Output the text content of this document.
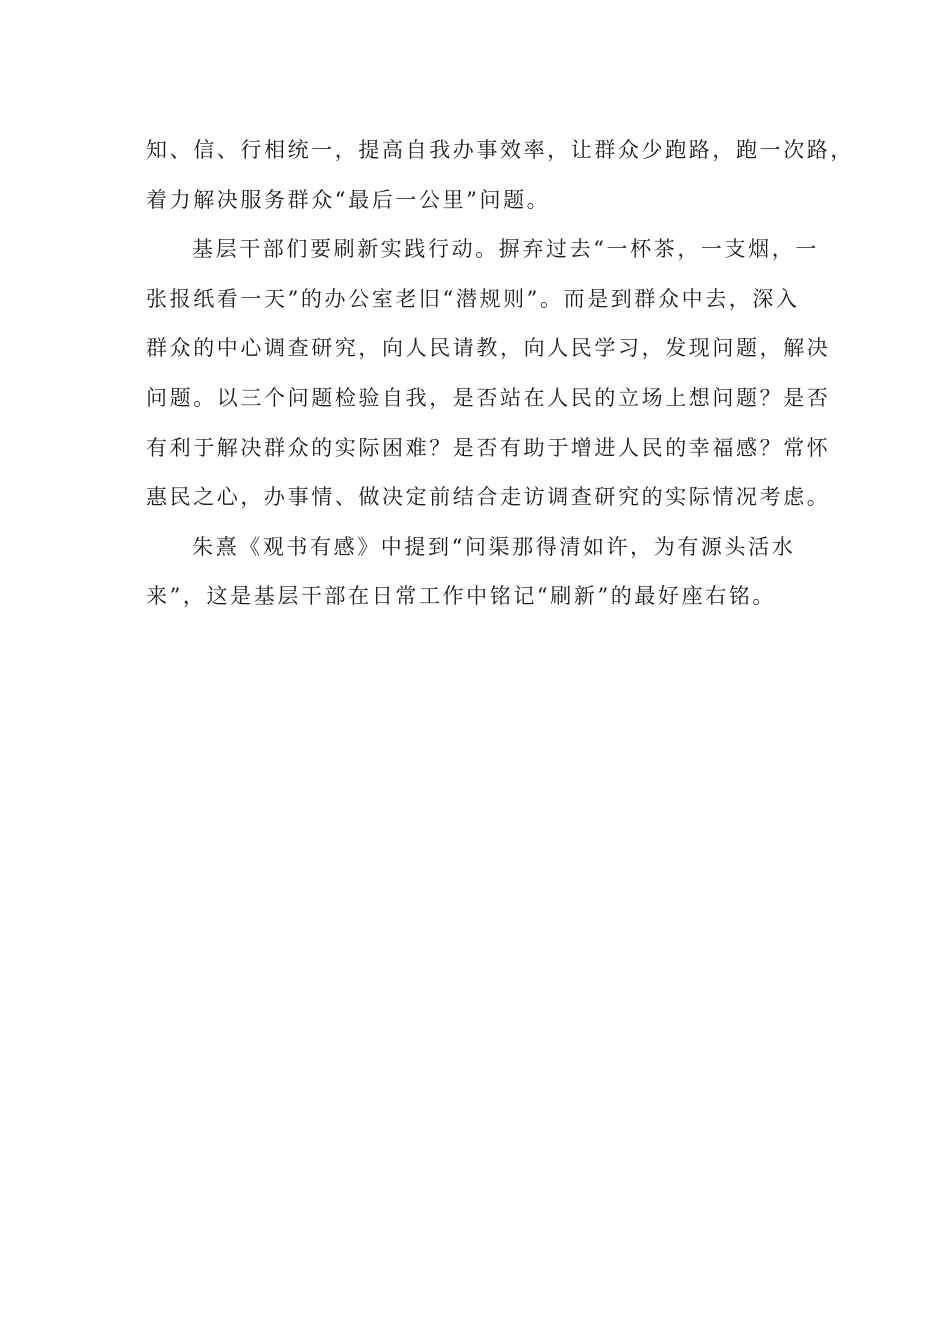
知、信、行相统一，提高自我办事效率，让群众少跑路，跑一次路，
着力解决服务群众“最后一公里”问题。
基层干部们要刷新实践行动。摒弃过去“一杯茶，一支烟，一
张报纸看一天”的办公室老旧“潜规则”。而是到群众中去，深入
群众的中心调查研究，向人民请教，向人民学习，发现问题，解决
问题。以三个问题检验自我，是否站在人民的立场上想问题？是否
有利于解决群众的实际困难？是否有助于增进人民的幸福感？常怀
惠民之心，办事情、做决定前结合走访调查研究的实际情况考虑。
朱熹《观书有感》中提到“问渠那得清如许，为有源头活水
来”，这是基层干部在日常工作中铭记“刷新”的最好座右铭。
